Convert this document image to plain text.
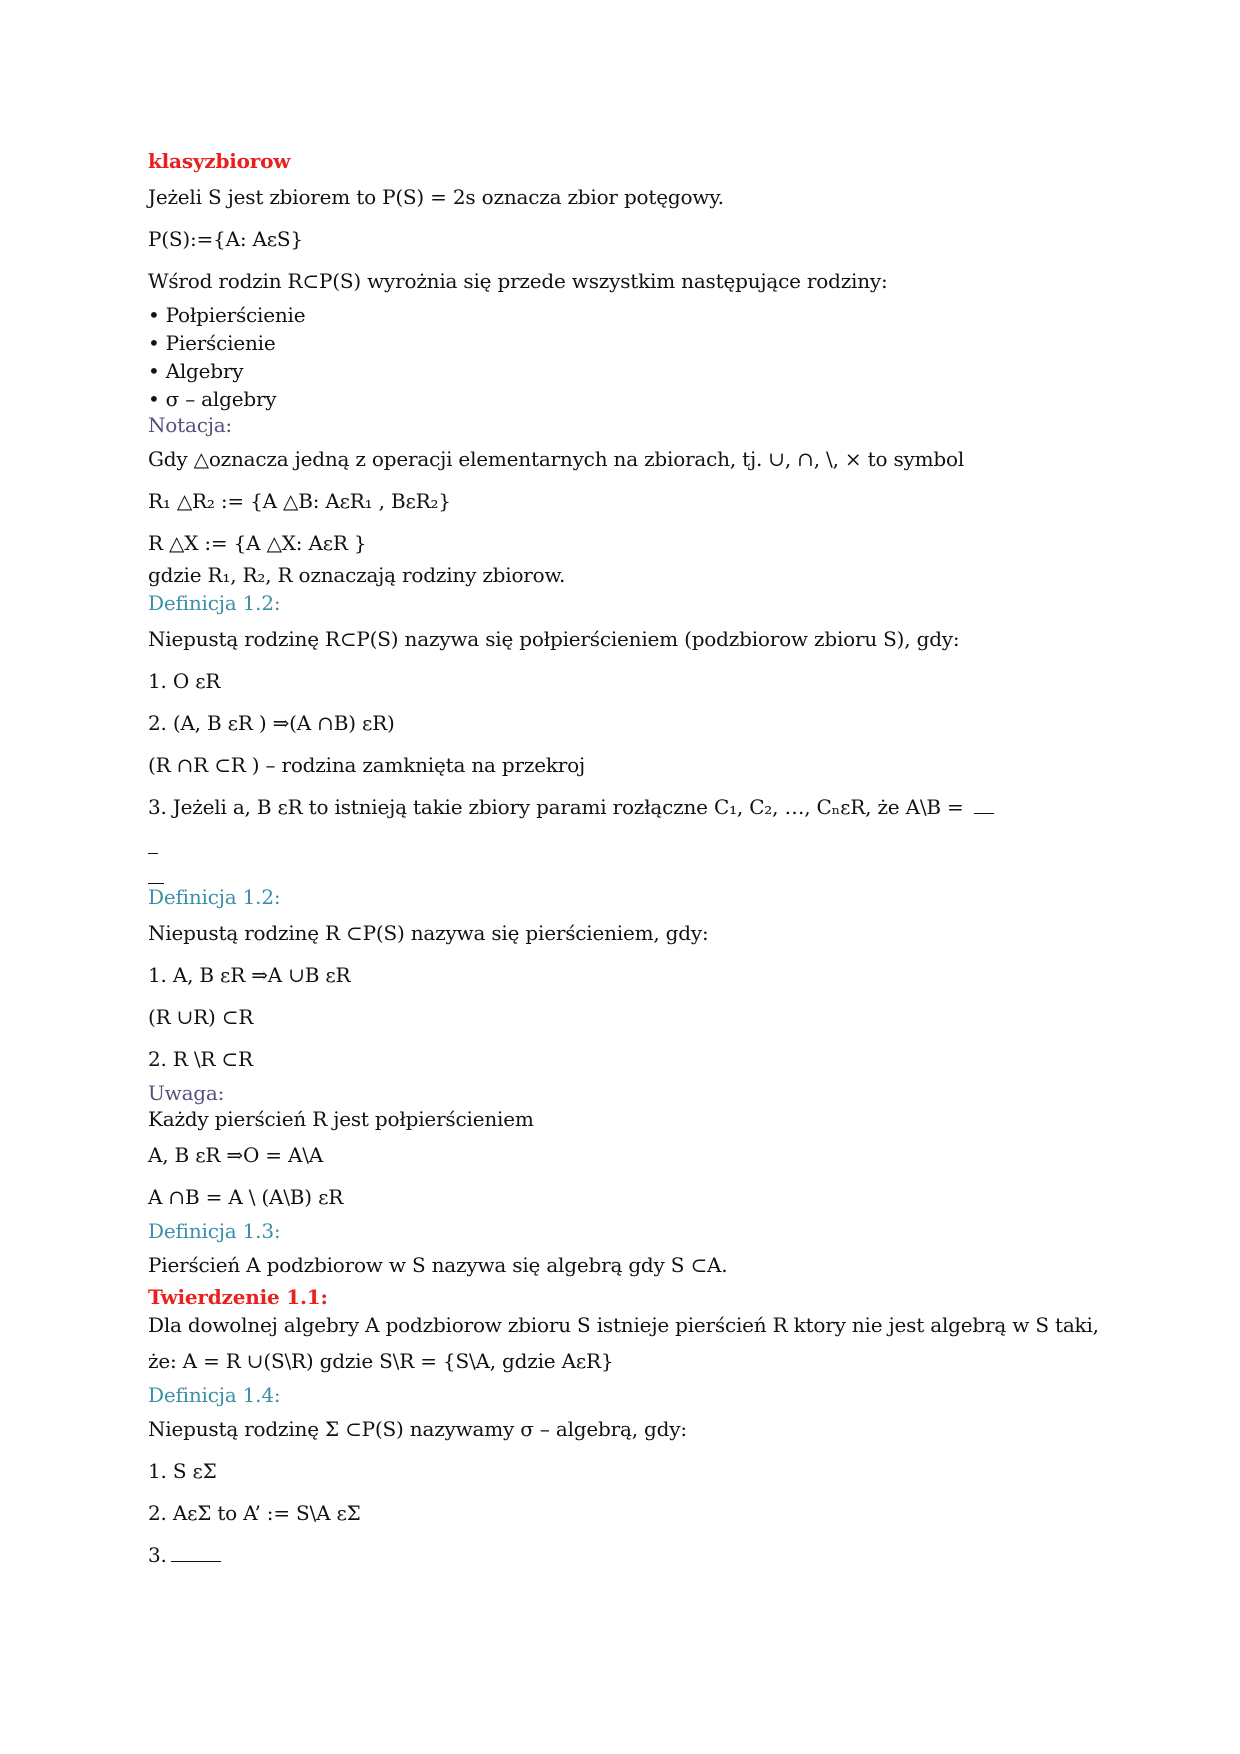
klasyzbiorow
Jeżeli S jest zbiorem to P(S) = 2s oznacza zbior potęgowy.
P(S):={A: AεS}
Wśrod rodzin R⊂P(S) wyrożnia się przede wszystkim następujące rodziny:
• Połpierścienie
• Pierścienie
• Algebry
• σ – algebry
Notacja:
Gdy △oznacza jedną z operacji elementarnych na zbiorach, tj. ∪, ∩, \, × to symbol
R₁ △R₂ := {A △B: AεR₁ , BεR₂}
R △X := {A △X: AεR }
gdzie R₁, R₂, R oznaczają rodziny zbiorow.
Definicja 1.2:
Niepustą rodzinę R⊂P(S) nazywa się połpierścieniem (podzbiorow zbioru S), gdy:
1. O εR
2. (A, B εR ) ⇒(A ∩B) εR)
(R ∩R ⊂R ) – rodzina zamknięta na przekroj
3. Jeżeli a, B εR to istnieją takie zbiory parami rozłączne C₁, C₂, …, CₙεR, że A\B =
Definicja 1.2:
Niepustą rodzinę R ⊂P(S) nazywa się pierścieniem, gdy:
1. A, B εR ⇒A ∪B εR
(R ∪R) ⊂R
2. R \R ⊂R
Uwaga:
Każdy pierścień R jest połpierścieniem
A, B εR ⇒O = A\A
A ∩B = A \ (A\B) εR
Definicja 1.3:
Pierścień A podzbiorow w S nazywa się algebrą gdy S ⊂A.
Twierdzenie 1.1:
Dla dowolnej algebry A podzbiorow zbioru S istnieje pierścień R ktory nie jest algebrą w S taki,
że: A = R ∪(S\R) gdzie S\R = {S\A, gdzie AεR}
Definicja 1.4:
Niepustą rodzinę Σ ⊂P(S) nazywamy σ – algebrą, gdy:
1. S εΣ
2. AεΣ to A’ := S\A εΣ
3.
